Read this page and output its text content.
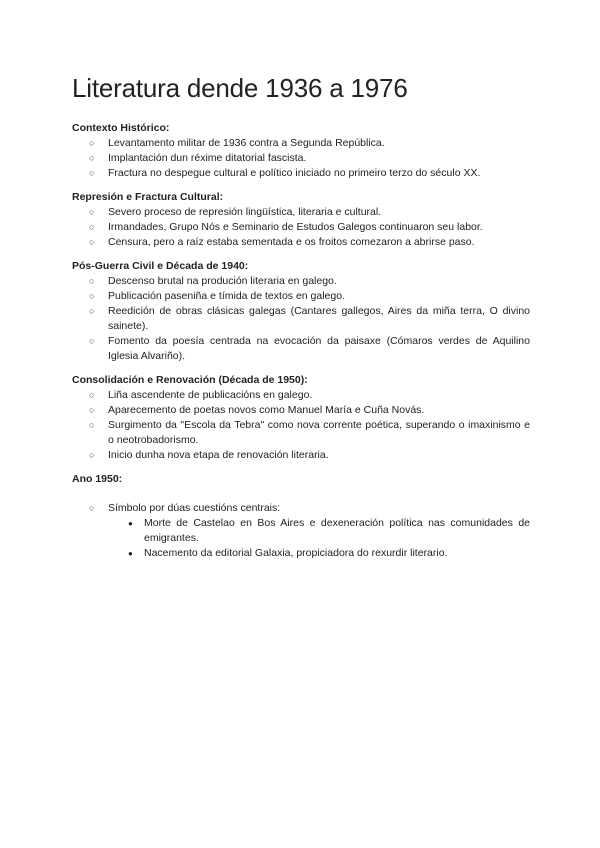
Literatura dende 1936 a 1976
Contexto Histórico:
○ Levantamento militar de 1936 contra a Segunda República.
○ Implantación dun réxime ditatorial fascista.
○ Fractura no despegue cultural e político iniciado no primeiro terzo do século XX.
Represión e Fractura Cultural:
○ Severo proceso de represión lingüística, literaria e cultural.
○ Irmandades, Grupo Nós e Seminario de Estudos Galegos continuaron seu labor.
○ Censura, pero a raíz estaba sementada e os froitos comezaron a abrirse paso.
Pós-Guerra Civil e Década de 1940:
○ Descenso brutal na produción literaria en galego.
○ Publicación paseniña e tímida de textos en galego.
○ Reedición de obras clásicas galegas (Cantares gallegos, Aires da miña terra, O divino sainete).
○ Fomento da poesía centrada na evocación da paisaxe (Cómaros verdes de Aquilino Iglesia Alvariño).
Consolidación e Renovación (Década de 1950):
○ Liña ascendente de publicacións en galego.
○ Aparecemento de poetas novos como Manuel María e Cuña Novás.
○ Surgimento da "Escola da Tebra" como nova corrente poética, superando o imaxinismo e o neotrobadorismo.
○ Inicio dunha nova etapa de renovación literaria.
Ano 1950:
○ Símbolo por dúas cuestións centrais:
● Morte de Castelao en Bos Aires e dexeneración política nas comunidades de emigrantes.
● Nacemento da editorial Galaxia, propiciadora do rexurdir literario.
